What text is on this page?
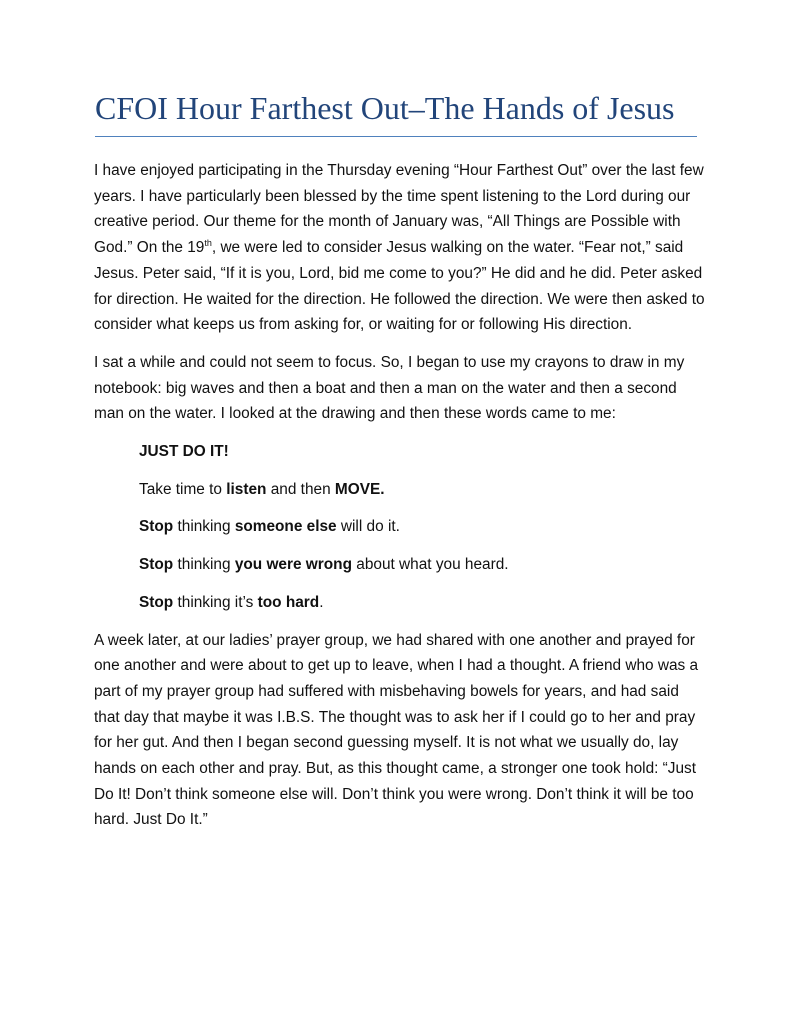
CFOI Hour Farthest Out–The Hands of Jesus

I have enjoyed participating in the Thursday evening “Hour Farthest Out” over the last few years. I have particularly been blessed by the time spent listening to the Lord during our creative period. Our theme for the month of January was, “All Things are Possible with God.” On the 19th, we were led to consider Jesus walking on the water. “Fear not,” said Jesus. Peter said, “If it is you, Lord, bid me come to you?” He did and he did. Peter asked for direction. He waited for the direction. He followed the direction. We were then asked to consider what keeps us from asking for, or waiting for or following His direction.

I sat a while and could not seem to focus. So, I began to use my crayons to draw in my notebook: big waves and then a boat and then a man on the water and then a second man on the water. I looked at the drawing and then these words came to me:

JUST DO IT!

Take time to listen and then MOVE.

Stop thinking someone else will do it.

Stop thinking you were wrong about what you heard.

Stop thinking it’s too hard.

A week later, at our ladies’ prayer group, we had shared with one another and prayed for one another and were about to get up to leave, when I had a thought. A friend who was a part of my prayer group had suffered with misbehaving bowels for years, and had said that day that maybe it was I.B.S. The thought was to ask her if I could go to her and pray for her gut. And then I began second guessing myself. It is not what we usually do, lay hands on each other and pray. But, as this thought came, a stronger one took hold: “Just Do It! Don’t think someone else will. Don’t think you were wrong. Don’t think it will be too hard. Just Do It.”
